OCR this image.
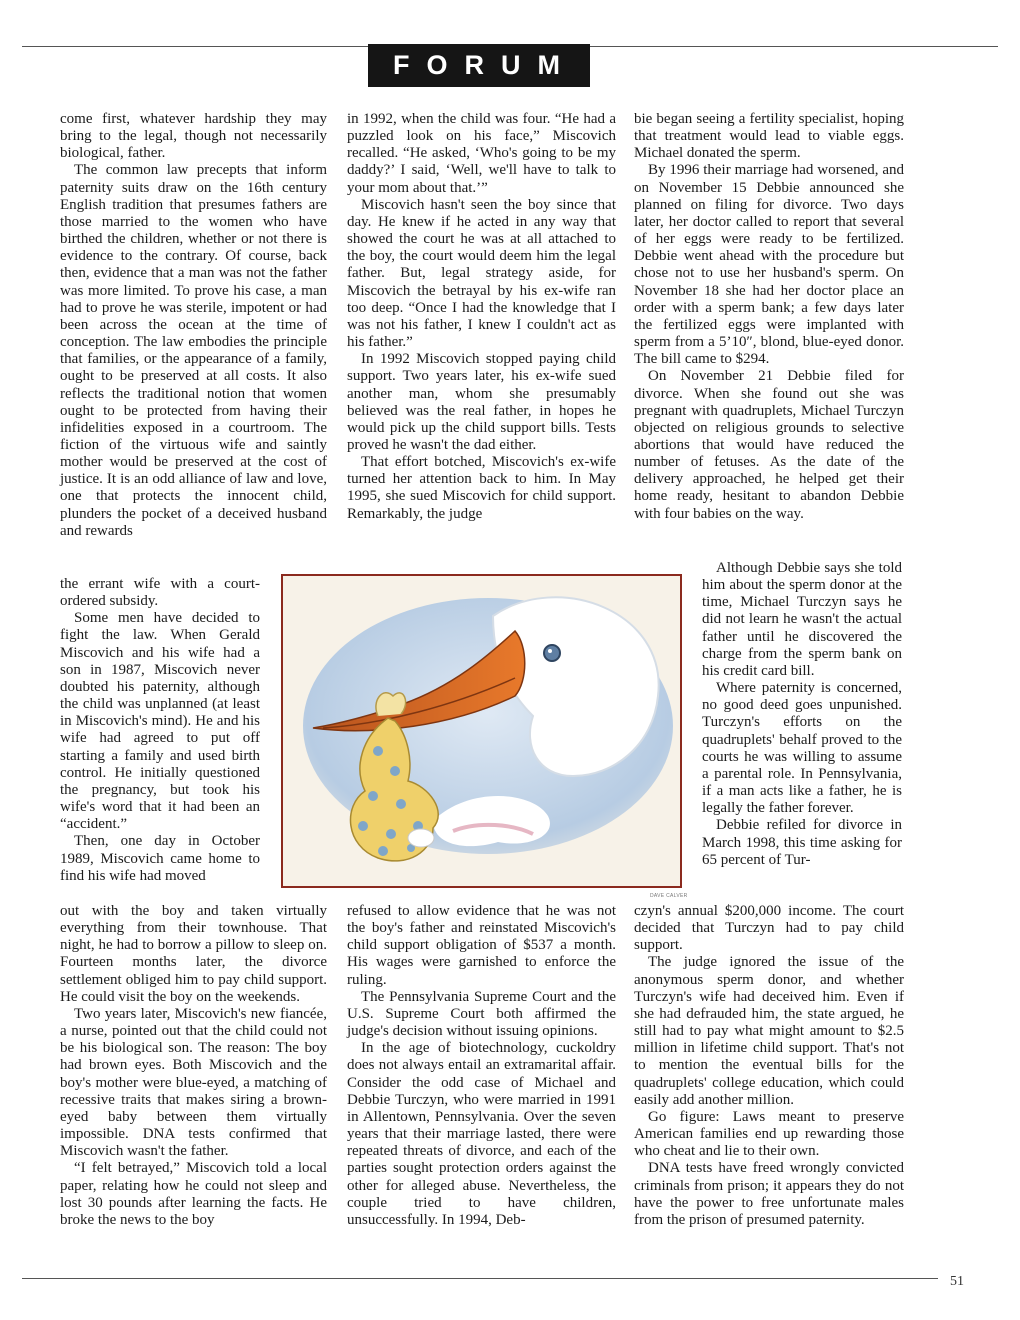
FORUM

come first, whatever hardship they may bring to the legal, though not necessarily biological, father.

The common law precepts that inform paternity suits draw on the 16th century English tradition that presumes fathers are those married to the women who have birthed the children, whether or not there is evidence to the contrary. Of course, back then, evidence that a man was not the father was more limited. To prove his case, a man had to prove he was sterile, impotent or had been across the ocean at the time of conception. The law embodies the principle that families, or the appearance of a family, ought to be preserved at all costs. It also reflects the traditional notion that women ought to be protected from having their infidelities exposed in a courtroom. The fiction of the virtuous wife and saintly mother would be preserved at the cost of justice. It is an odd alliance of law and love, one that protects the innocent child, plunders the pocket of a deceived husband and rewards

the errant wife with a court-ordered subsidy.

Some men have decided to fight the law. When Gerald Miscovich and his wife had a son in 1987, Miscovich never doubted his paternity, although the child was unplanned (at least in Miscovich's mind). He and his wife had agreed to put off starting a family and used birth control. He initially questioned the pregnancy, but took his wife's word that it had been an “accident.”

Then, one day in October 1989, Miscovich came home to find his wife had moved

out with the boy and taken virtually everything from their townhouse. That night, he had to borrow a pillow to sleep on. Fourteen months later, the divorce settlement obliged him to pay child support. He could visit the boy on the weekends.

Two years later, Miscovich's new fiancée, a nurse, pointed out that the child could not be his biological son. The reason: The boy had brown eyes. Both Miscovich and the boy's mother were blue-eyed, a matching of recessive traits that makes siring a brown-eyed baby between them virtually impossible. DNA tests confirmed that Miscovich wasn't the father.

“I felt betrayed,” Miscovich told a local paper, relating how he could not sleep and lost 30 pounds after learning the facts. He broke the news to the boy

in 1992, when the child was four. “He had a puzzled look on his face,” Miscovich recalled. “He asked, ‘Who's going to be my daddy?’ I said, ‘Well, we'll have to talk to your mom about that.’”

Miscovich hasn't seen the boy since that day. He knew if he acted in any way that showed the court he was at all attached to the boy, the court would deem him the legal father. But, legal strategy aside, for Miscovich the betrayal by his ex-wife ran too deep. “Once I had the knowledge that I was not his father, I knew I couldn't act as his father.”

In 1992 Miscovich stopped paying child support. Two years later, his ex-wife sued another man, whom she presumably believed was the real father, in hopes he would pick up the child support bills. Tests proved he wasn't the dad either.

That effort botched, Miscovich's ex-wife turned her attention back to him. In May 1995, she sued Miscovich for child support. Remarkably, the judge

refused to allow evidence that he was not the boy's father and reinstated Miscovich's child support obligation of $537 a month. His wages were garnished to enforce the ruling.

The Pennsylvania Supreme Court and the U.S. Supreme Court both affirmed the judge's decision without issuing opinions.

In the age of biotechnology, cuckoldry does not always entail an extramarital affair. Consider the odd case of Michael and Debbie Turczyn, who were married in 1991 in Allentown, Pennsylvania. Over the seven years that their marriage lasted, there were repeated threats of divorce, and each of the parties sought protection orders against the other for alleged abuse. Nevertheless, the couple tried to have children, unsuccessfully. In 1994, Deb-

bie began seeing a fertility specialist, hoping that treatment would lead to viable eggs. Michael donated the sperm.

By 1996 their marriage had worsened, and on November 15 Debbie announced she planned on filing for divorce. Two days later, her doctor called to report that several of her eggs were ready to be fertilized. Debbie went ahead with the procedure but chose not to use her husband's sperm. On November 18 she had her doctor place an order with a sperm bank; a few days later the fertilized eggs were implanted with sperm from a 5’10″, blond, blue-eyed donor. The bill came to $294.

On November 21 Debbie filed for divorce. When she found out she was pregnant with quadruplets, Michael Turczyn objected on religious grounds to selective abortions that would have reduced the number of fetuses. As the date of the delivery approached, he helped get their home ready, hesitant to abandon Debbie with four babies on the way.

Although Debbie says she told him about the sperm donor at the time, Michael Turczyn says he did not learn he wasn't the actual father until he discovered the charge from the sperm bank on his credit card bill.

Where paternity is concerned, no good deed goes unpunished. Turczyn's efforts on the quadruplets' behalf proved to the courts he was willing to assume a parental role. In Pennsylvania, if a man acts like a father, he is legally the father forever.

Debbie refiled for divorce in March 1998, this time asking for 65 percent of Tur-

czyn's annual $200,000 income. The court decided that Turczyn had to pay child support.

The judge ignored the issue of the anonymous sperm donor, and whether Turczyn's wife had deceived him. Even if she had defrauded him, the state argued, he still had to pay what might amount to $2.5 million in lifetime child support. That's not to mention the eventual bills for the quadruplets' college education, which could easily add another million.

Go figure: Laws meant to preserve American families end up rewarding those who cheat and lie to their own.

DNA tests have freed wrongly convicted criminals from prison; it appears they do not have the power to free unfortunate males from the prison of presumed paternity.

DAVE CALVER
51
